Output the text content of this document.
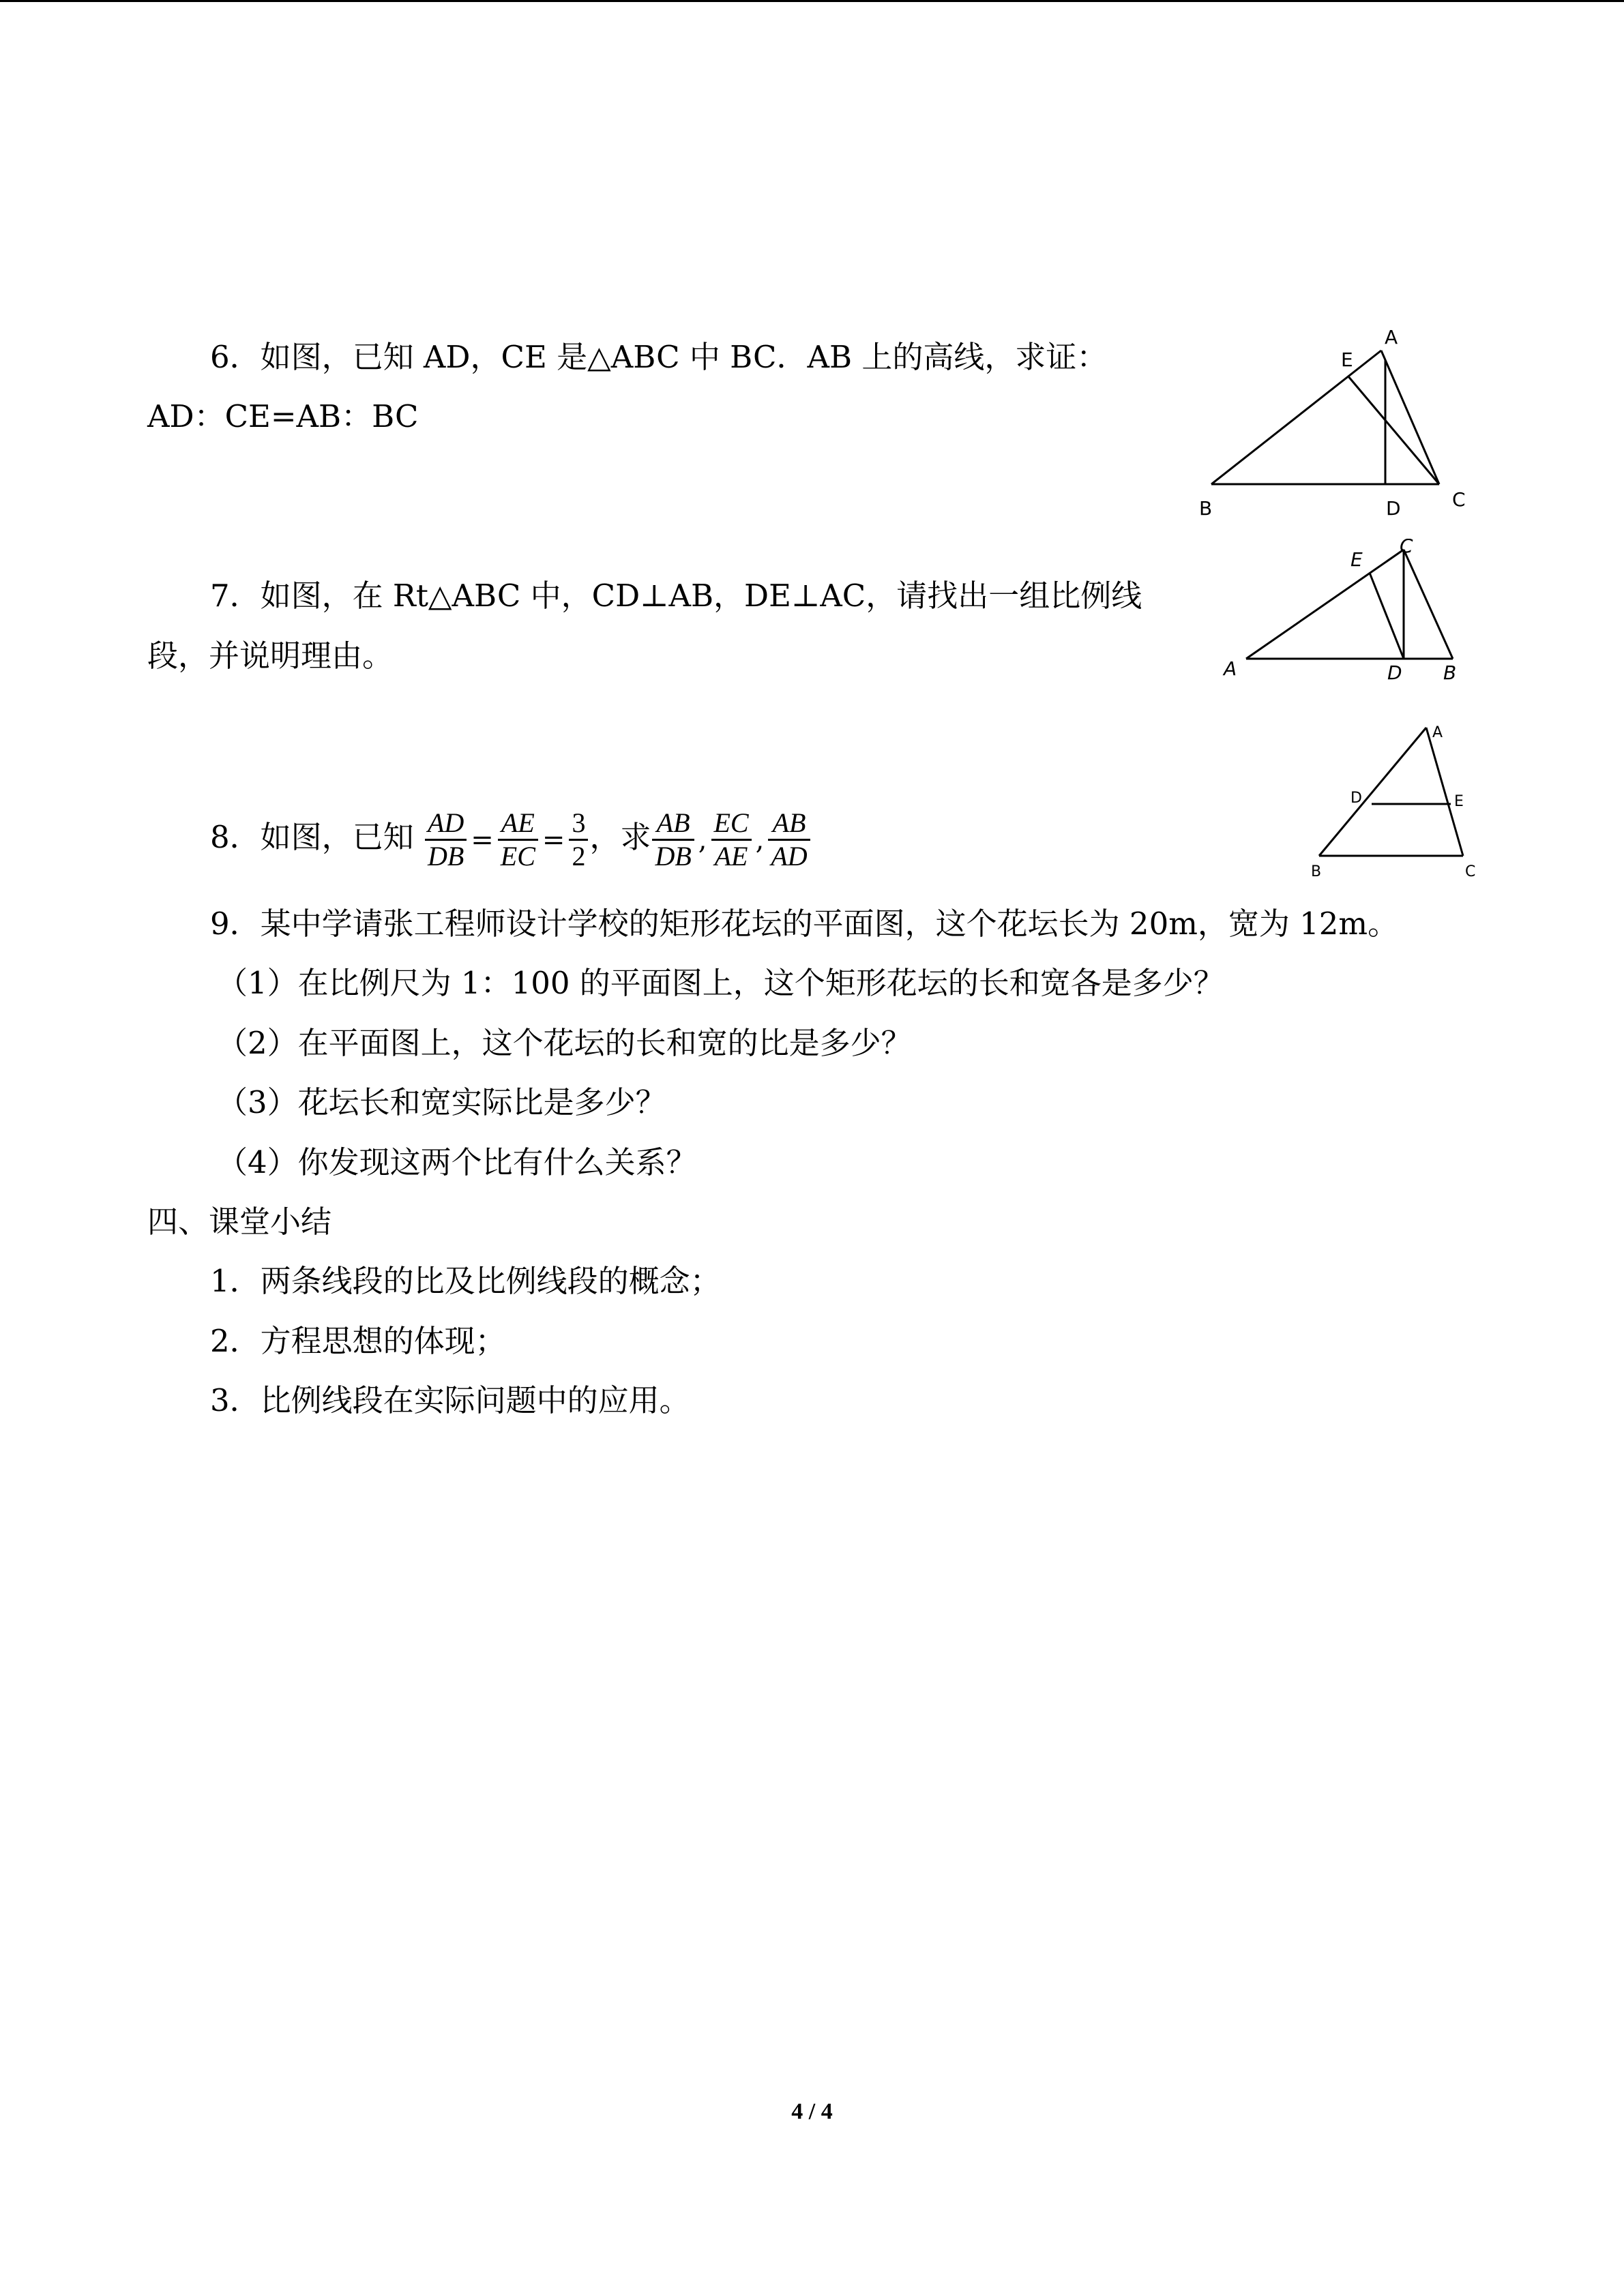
6．如图，已知 AD，CE 是△ABC 中 BC．AB 上的高线，求证：
AD：CE=AB：BC
A
E
B	D	C
7．如图，在 Rt△ABC 中，CD⊥AB，DE⊥AC，请找出一组比例线
段，并说明理由。
E
C
A	D B
8．如图，已知 $\frac{AD}{DB} = \frac{AE}{EC} = \frac{3}{2}$ ，求 $\frac{AB}{DB}$ , $\frac{EC}{AE}$ , $\frac{AB}{AD}$
A
D	E
B	C
9．某中学请张工程师设计学校的矩形花坛的平面图，这个花坛长为 20m，宽为 12m。
（1）在比例尺为 1：100 的平面图上，这个矩形花坛的长和宽各是多少？
（2）在平面图上，这个花坛的长和宽的比是多少？
（3）花坛长和宽实际比是多少？
（4）你发现这两个比有什么关系？
四、课堂小结
1．两条线段的比及比例线段的概念；
2．方程思想的体现；
3．比例线段在实际问题中的应用。
4 / 4
